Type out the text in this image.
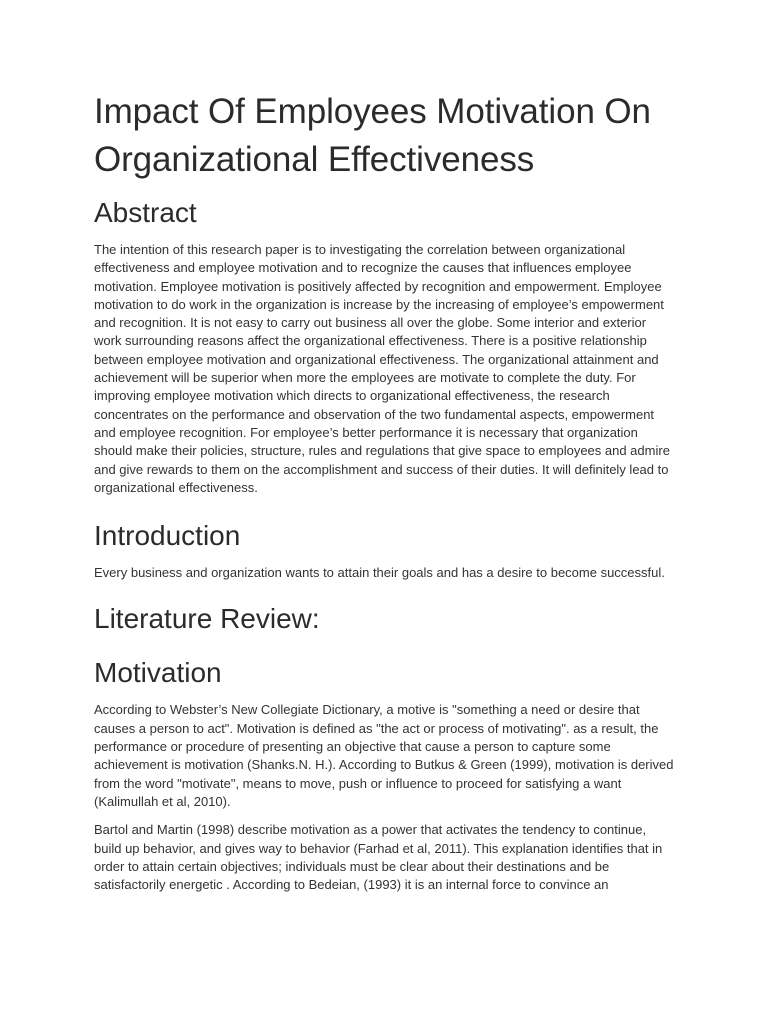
Impact Of Employees Motivation On Organizational Effectiveness
Abstract

The intention of this research paper is to investigating the correlation between organizational effectiveness and employee motivation and to recognize the causes that influences employee motivation. Employee motivation is positively affected by recognition and empowerment. Employee motivation to do work in the organization is increase by the increasing of employee’s empowerment and recognition. It is not easy to carry out business all over the globe. Some interior and exterior work surrounding reasons affect the organizational effectiveness. There is a positive relationship between employee motivation and organizational effectiveness. The organizational attainment and achievement will be superior when more the employees are motivate to complete the duty. For improving employee motivation which directs to organizational effectiveness, the research concentrates on the performance and observation of the two fundamental aspects, empowerment and employee recognition. For employee’s better performance it is necessary that organization should make their policies, structure, rules and regulations that give space to employees and admire and give rewards to them on the accomplishment and success of their duties. It will definitely lead to organizational effectiveness.

Introduction

Every business and organization wants to attain their goals and has a desire to become successful.

Literature Review:
Motivation

According to Webster’s New Collegiate Dictionary, a motive is "something a need or desire that causes a person to act". Motivation is defined as "the act or process of motivating". as a result, the performance or procedure of presenting an objective that cause a person to capture some achievement is motivation (Shanks.N. H.). According to Butkus & Green (1999), motivation is derived from the word "motivate", means to move, push or influence to proceed for satisfying a want (Kalimullah et al, 2010).

Bartol and Martin (1998) describe motivation as a power that activates the tendency to continue, build up behavior, and gives way to behavior (Farhad et al, 2011). This explanation identifies that in order to attain certain objectives; individuals must be clear about their destinations and be satisfactorily energetic . According to Bedeian, (1993) it is an internal force to convince an
